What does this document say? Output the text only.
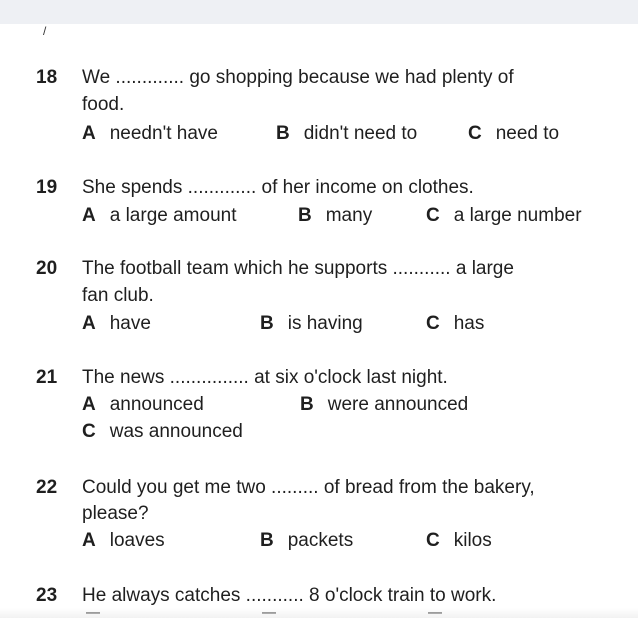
/
18 We ............. go shopping because we had plenty of
food.
A needn't have	B didn't need to	C need to
19 She spends ............. of her income on clothes.
A a large amount	B many	C a large number
20 The football team which he supports ........... a large
fan club.
A have	B is having	C has
21 The news ............... at six o'clock last night.
A announced	B were announced
C was announced
22 Could you get me two ......... of bread from the bakery,
please?
A loaves	B packets	C kilos
23 He always catches ........... 8 o'clock train to work.
